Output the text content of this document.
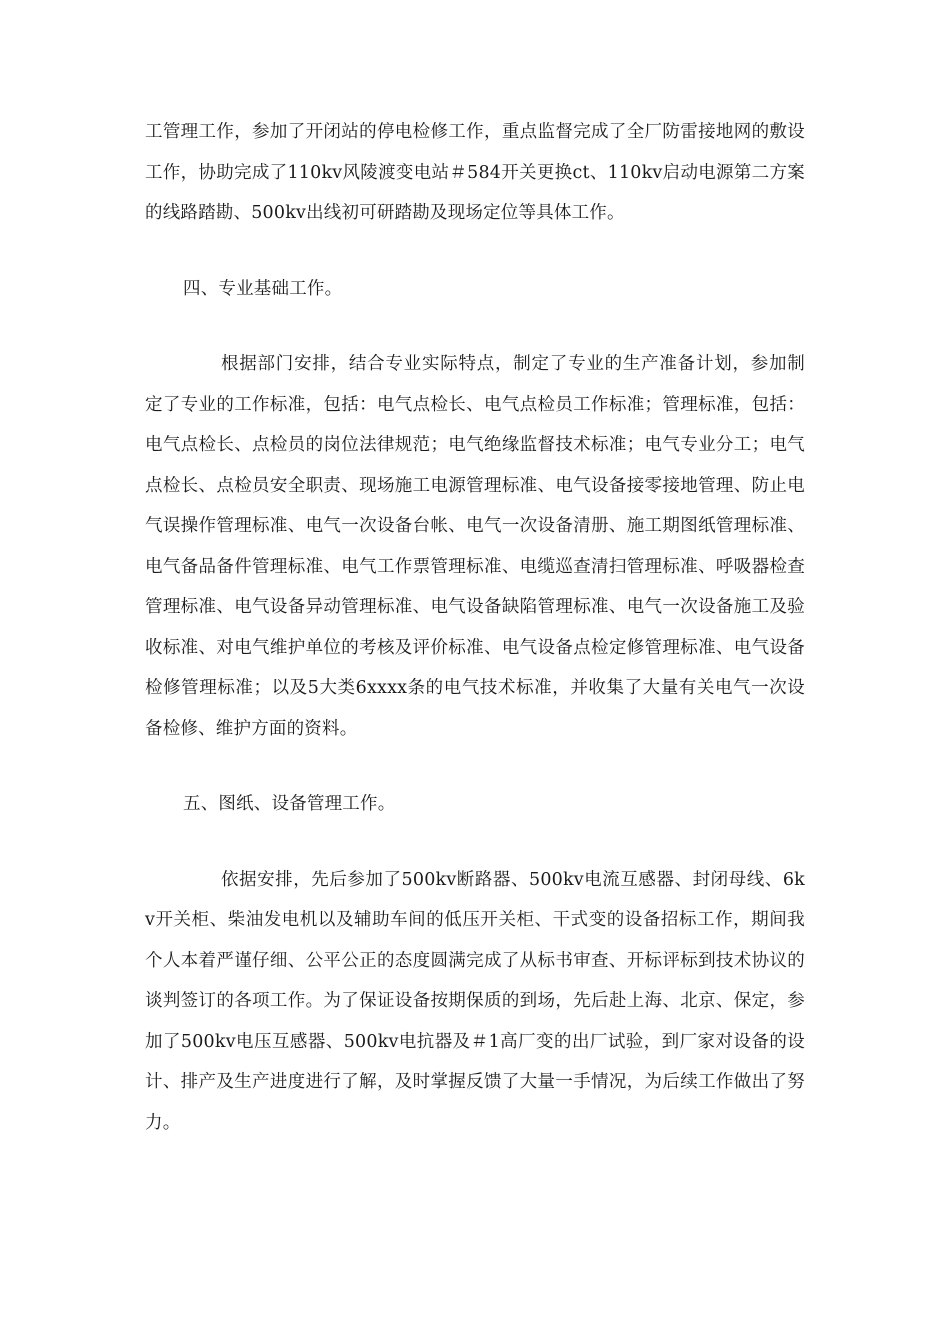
工管理工作，参加了开闭站的停电检修工作，重点监督完成了全厂防雷接地网的敷设工作，协助完成了110kv风陵渡变电站＃584开关更换ct、110kv启动电源第二方案的线路踏勘、500kv出线初可研踏勘及现场定位等具体工作。

四、专业基础工作。

根据部门安排，结合专业实际特点，制定了专业的生产准备计划，参加制定了专业的工作标准，包括：电气点检长、电气点检员工作标准；管理标准，包括：电气点检长、点检员的岗位法律规范；电气绝缘监督技术标准；电气专业分工；电气点检长、点检员安全职责、现场施工电源管理标准、电气设备接零接地管理、防止电气误操作管理标准、电气一次设备台帐、电气一次设备清册、施工期图纸管理标准、电气备品备件管理标准、电气工作票管理标准、电缆巡查清扫管理标准、呼吸器检查管理标准、电气设备异动管理标准、电气设备缺陷管理标准、电气一次设备施工及验收标准、对电气维护单位的考核及评价标准、电气设备点检定修管理标准、电气设备检修管理标准；以及5大类6xxxx条的电气技术标准，并收集了大量有关电气一次设备检修、维护方面的资料。

五、图纸、设备管理工作。

依据安排，先后参加了500kv断路器、500kv电流互感器、封闭母线、6kv开关柜、柴油发电机以及辅助车间的低压开关柜、干式变的设备招标工作，期间我个人本着严谨仔细、公平公正的态度圆满完成了从标书审查、开标评标到技术协议的谈判签订的各项工作。为了保证设备按期保质的到场，先后赴上海、北京、保定，参加了500kv电压互感器、500kv电抗器及＃1高厂变的出厂试验，到厂家对设备的设计、排产及生产进度进行了解，及时掌握反馈了大量一手情况，为后续工作做出了努力。
